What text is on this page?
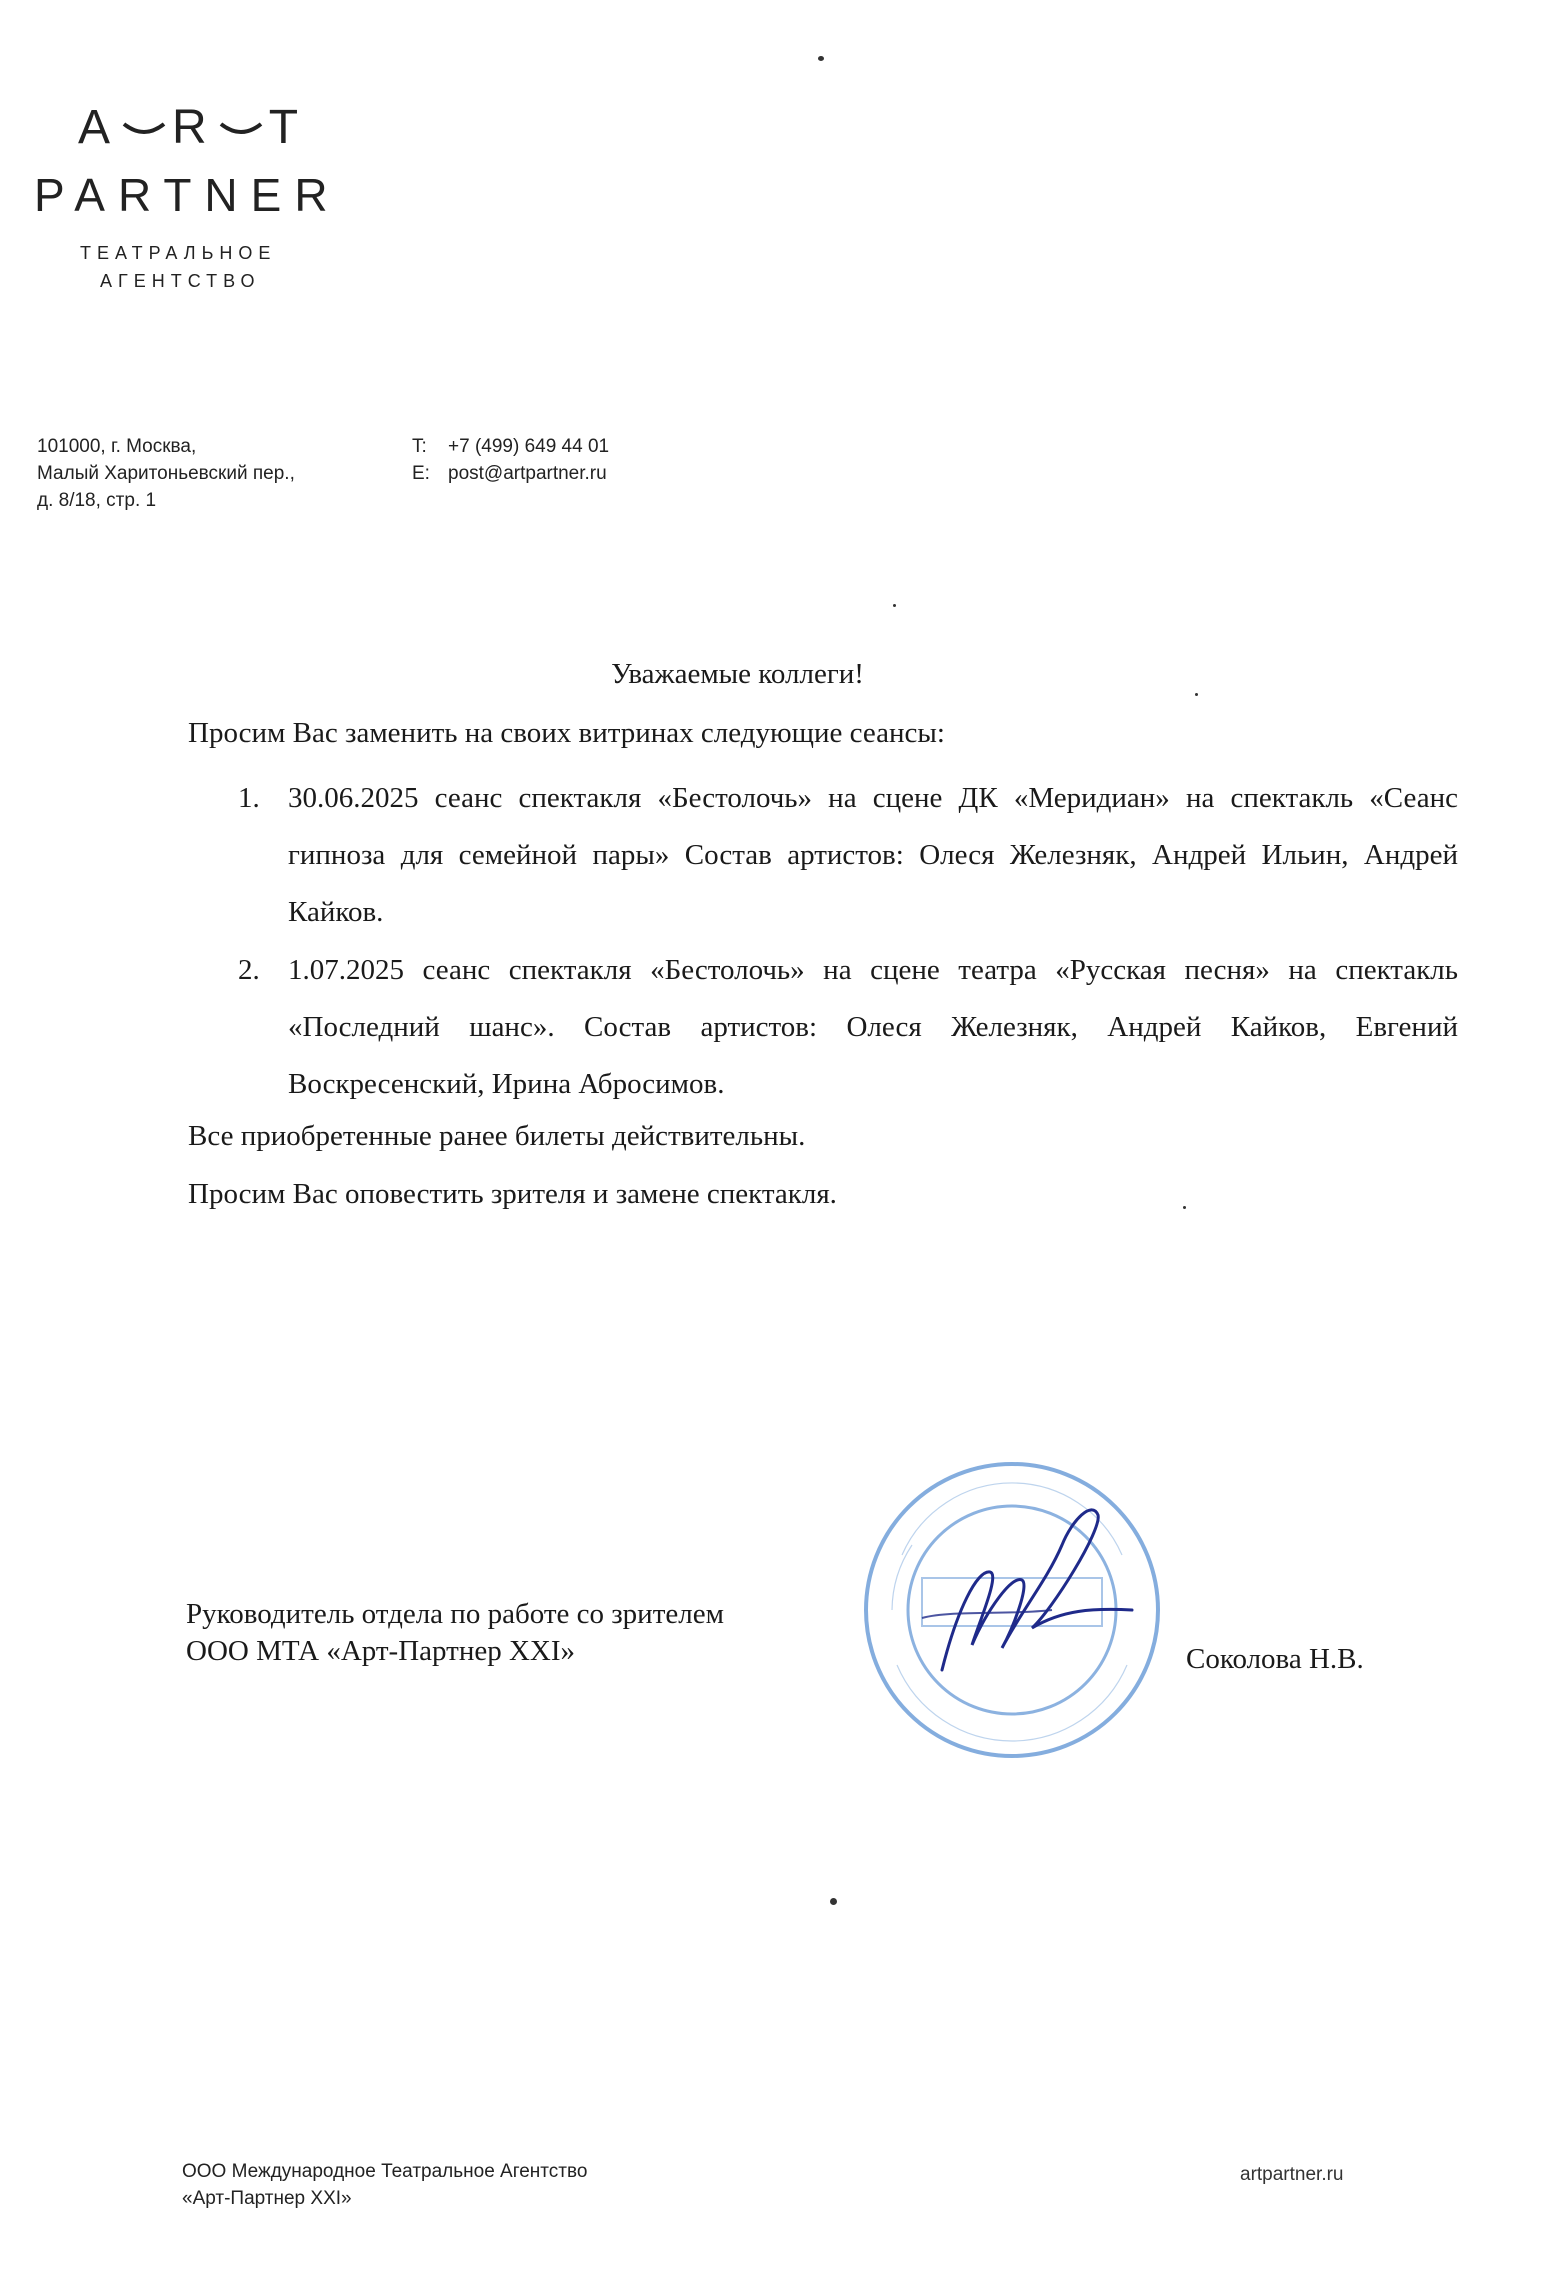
A R T
PARTNER
ТЕАТРАЛЬНОЕ
АГЕНТСТВО
101000, г. Москва,
Малый Харитоньевский пер.,
д. 8/18, стр. 1
T: +7 (499) 649 44 01
E: post@artpartner.ru
Уважаемые коллеги!
Просим Вас заменить на своих витринах следующие сеансы:
1. 30.06.2025 сеанс спектакля «Бестолочь» на сцене ДК «Меридиан» на спектакль «Сеанс гипноза для семейной пары» Состав артистов: Олеся Железняк, Андрей Ильин, Андрей Кайков.
2. 1.07.2025 сеанс спектакля «Бестолочь» на сцене театра «Русская песня» на спектакль «Последний шанс». Состав артистов: Олеся Железняк, Андрей Кайков, Евгений Воскресенский, Ирина Абросимов.
Все приобретенные ранее билеты действительны.
Просим Вас оповестить зрителя и замене спектакля.
Руководитель отдела по работе со зрителем
ООО МТА «Арт-Партнер XXI»	Соколова Н.В.
ООО Международное Театральное Агентство
«Арт-Партнер XXI»
artpartner.ru
